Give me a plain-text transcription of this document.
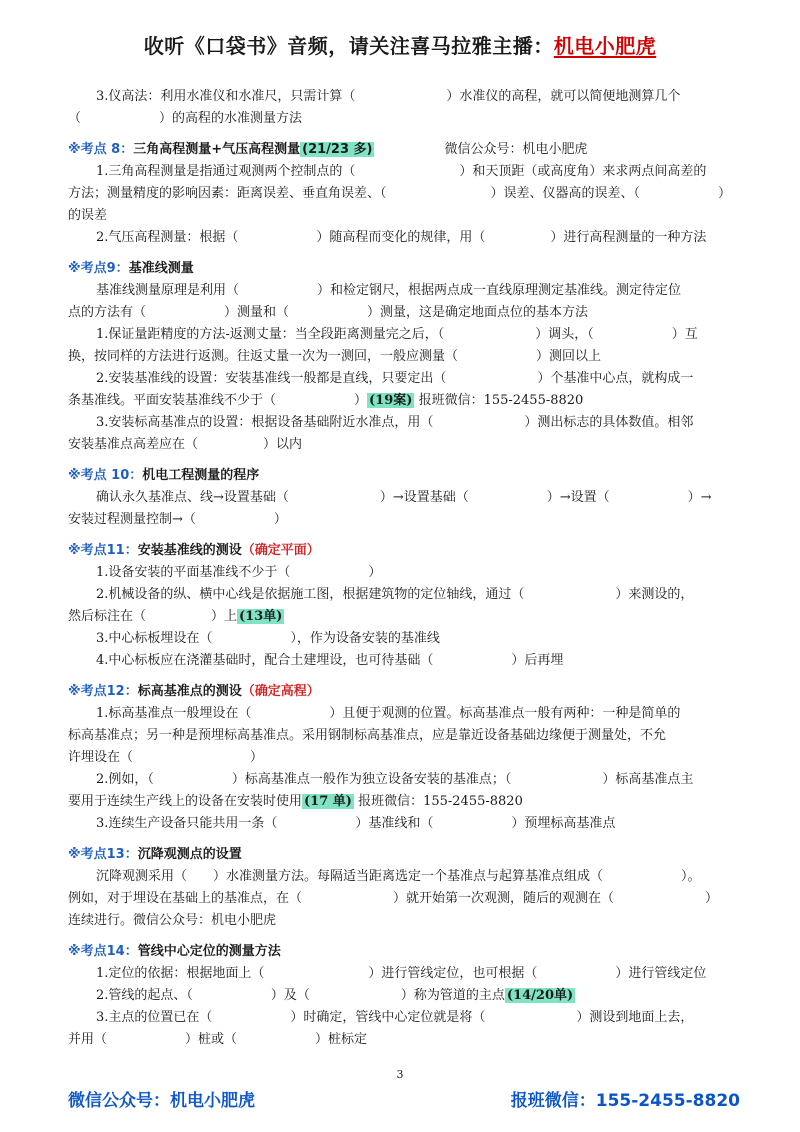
收听《口袋书》音频，请关注喜马拉雅主播：机电小肥虎

3.仪高法：利用水准仪和水准尺，只需计算（　　　　　　　）水准仪的高程，就可以简便地测算几个

（　　　　　　）的高程的水准测量方法

※考点 8：三角高程测量+气压高程测量 (21/23 多)	微信公众号：机电小肥虎

1.三角高程测量是指通过观测两个控制点的（　　　　　　　　）和天顶距（或高度角）来求两点间高差的

方法；测量精度的影响因素：距离误差、垂直角误差、（　　　　　　　　）误差、仪器高的误差、（　　　　　　）

的误差

2.气压高程测量：根据（　　　　　　）随高程而变化的规律，用（　　　　　）进行高程测量的一种方法

※考点9：基准线测量

基准线测量原理是利用（　　　　　　）和检定钢尺，根据两点成一直线原理测定基准线。测定待定位

点的方法有（　　　　　　）测量和（　　　　　　）测量，这是确定地面点位的基本方法

1.保证量距精度的方法-返测丈量：当全段距离测量完之后，（　　　　　　　）调头，（　　　　　　）互

换，按同样的方法进行返测。往返丈量一次为一测回，一般应测量（　　　　　　）测回以上

2.安装基准线的设置：安装基准线一般都是直线，只要定出（　　　　　　　）个基准中心点，就构成一

条基准线。平面安装基准线不少于（　　　　　　） (19案) 报班微信：155-2455-8820

3.安装标高基准点的设置：根据设备基础附近水准点，用（　　　　　　　）测出标志的具体数值。相邻

安装基准点高差应在（　　　　　）以内

※考点 10：机电工程测量的程序

确认永久基准点、线→设置基础（　　　　　　　）→设置基础（　　　　　　）→设置（　　　　　　）→

安装过程测量控制→（　　　　　　）

※考点11：安装基准线的测设（确定平面）

1.设备安装的平面基准线不少于（　　　　　　）

2.机械设备的纵、横中心线是依据施工图，根据建筑物的定位轴线，通过（　　　　　　　）来测设的，

然后标注在（　　　　　）上 (13单)

3.中心标板埋设在（　　　　　　），作为设备安装的基准线

4.中心标板应在浇灌基础时，配合土建埋设，也可待基础（　　　　　　）后再埋

※考点12：标高基准点的测设（确定高程）

1.标高基准点一般埋设在（　　　　　　）且便于观测的位置。标高基准点一般有两种：一种是简单的

标高基准点；另一种是预埋标高基准点。采用钢制标高基准点，应是靠近设备基础边缘便于测量处，不允

许埋设在（　　　　　　　　　）

2.例如，（　　　　　　）标高基准点一般作为独立设备安装的基准点；（　　　　　　　）标高基准点主

要用于连续生产线上的设备在安装时使用 (17 单) 报班微信：155-2455-8820

3.连续生产设备只能共用一条（　　　　　　）基准线和（　　　　　　）预埋标高基准点

※考点13：沉降观测点的设置

沉降观测采用（　　）水准测量方法。每隔适当距离选定一个基准点与起算基准点组成（　　　　　　）。

例如，对于埋设在基础上的基准点，在（　　　　　　　）就开始第一次观测，随后的观测在（　　　　　　　）

连续进行。微信公众号：机电小肥虎

※考点14：管线中心定位的测量方法

1.定位的依据：根据地面上（　　　　　　　　）进行管线定位，也可根据（　　　　　　）进行管线定位

2.管线的起点、（　　　　　　）及（　　　　　　　）称为管道的主点 (14/20单)

3.主点的位置已在（　　　　　　）时确定，管线中心定位就是将（　　　　　　　）测设到地面上去，

并用（　　　　　　）桩或（　　　　　　）桩标定

3
微信公众号：机电小肥虎	报班微信：155-2455-8820
